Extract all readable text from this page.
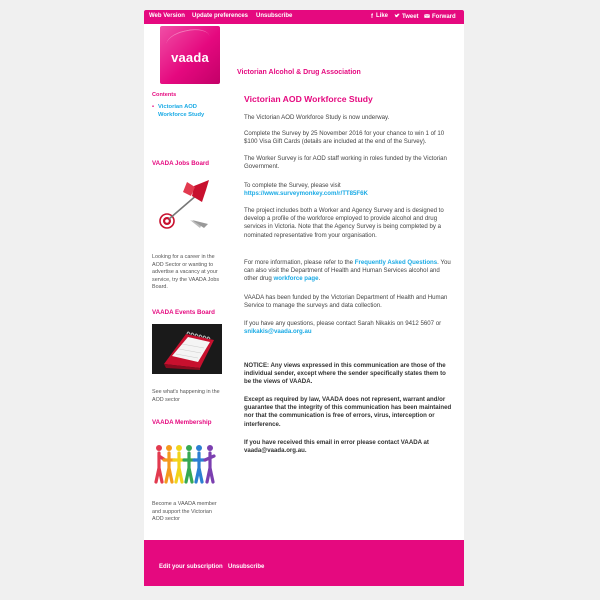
Web Version Update preferences Unsubscribe	f Like	Tweet	Forward
vaada
Victorian Alcohol & Drug Association
Contents
• Victorian AOD Workforce Study
VAADA Jobs Board

Looking for a career in the AOD Sector or wanting to advertise a vacancy at your service, try the VAADA Jobs Board.

VAADA Events Board

See what's happening in the AOD sector

VAADA Membership

Become a VAADA member and support the Victorian AOD sector

Victorian AOD Workforce Study
The Victorian AOD Workforce Study is now underway.
Complete the Survey by 25 November 2016 for your chance to win 1 of 10 $100 Visa Gift Cards (details are included at the end of the Survey).
The Worker Survey is for AOD staff working in roles funded by the Victorian Government.
To complete the Survey, please visit
https://www.surveymonkey.com/r/TT85F6K
The project includes both a Worker and Agency Survey and is designed to develop a profile of the workforce employed to provide alcohol and drug services in Victoria. Note that the Agency Survey is being completed by a nominated representative from your organisation.
For more information, please refer to the Frequently Asked Questions. You can also visit the Department of Health and Human Services alcohol and other drug workforce page.
VAADA has been funded by the Victorian Department of Health and Human Service to manage the surveys and data collection.
If you have any questions, please contact Sarah Nikakis on 9412 5607 or snikakis@vaada.org.au
NOTICE: Any views expressed in this communication are those of the individual sender, except where the sender specifically states them to be the views of VAADA.
Except as required by law, VAADA does not represent, warrant and/or guarantee that the integrity of this communication has been maintained nor that the communication is free of errors, virus, interception or interference.
If you have received this email in error please contact VAADA at vaada@vaada.org.au.
Edit your subscription Unsubscribe
